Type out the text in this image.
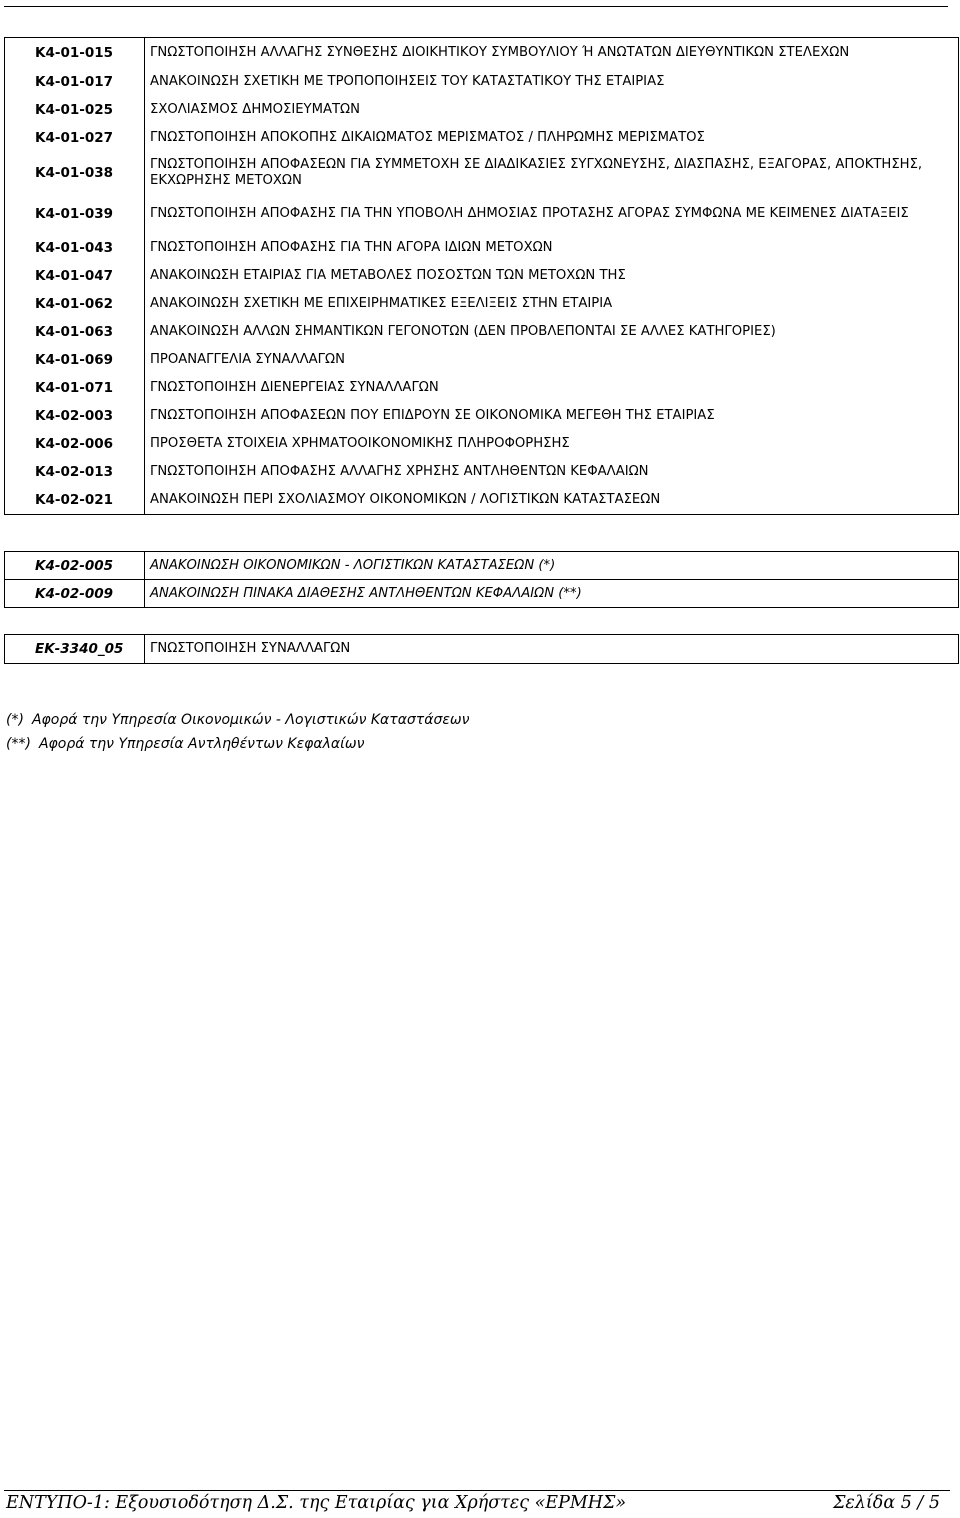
K4-01-015	ΓΝΩΣΤΟΠΟΙΗΣΗ ΑΛΛΑΓΗΣ ΣΥΝΘΕΣΗΣ ΔΙΟΙΚΗΤΙΚΟΥ ΣΥΜΒΟΥΛΙΟΥ Ή ΑΝΩΤΑΤΩΝ ΔΙΕΥΘΥΝΤΙΚΩΝ ΣΤΕΛΕΧΩΝ
K4-01-017	ΑΝΑΚΟΙΝΩΣΗ ΣΧΕΤΙΚΗ ΜΕ ΤΡΟΠΟΠΟΙΗΣΕΙΣ ΤΟΥ ΚΑΤΑΣΤΑΤΙΚΟΥ ΤΗΣ ΕΤΑΙΡΙΑΣ
K4-01-025	ΣΧΟΛΙΑΣΜΟΣ ΔΗΜΟΣΙΕΥΜΑΤΩΝ
K4-01-027	ΓΝΩΣΤΟΠΟΙΗΣΗ ΑΠΟΚΟΠΗΣ ΔΙΚΑΙΩΜΑΤΟΣ ΜΕΡΙΣΜΑΤΟΣ / ΠΛΗΡΩΜΗΣ ΜΕΡΙΣΜΑΤΟΣ
K4-01-038	ΓΝΩΣΤΟΠΟΙΗΣΗ ΑΠΟΦΑΣΕΩΝ ΓΙΑ ΣΥΜΜΕΤΟΧΗ ΣΕ ΔΙΑΔΙΚΑΣΙΕΣ ΣΥΓΧΩΝΕΥΣΗΣ, ΔΙΑΣΠΑΣΗΣ, ΕΞΑΓΟΡΑΣ, ΑΠΟΚΤΗΣΗΣ, ΕΚΧΩΡΗΣΗΣ ΜΕΤΟΧΩΝ
K4-01-039	ΓΝΩΣΤΟΠΟΙΗΣΗ ΑΠΟΦΑΣΗΣ ΓΙΑ ΤΗΝ ΥΠΟΒΟΛΗ ΔΗΜΟΣΙΑΣ ΠΡΟΤΑΣΗΣ ΑΓΟΡΑΣ ΣΥΜΦΩΝΑ ΜΕ ΚΕΙΜΕΝΕΣ ΔΙΑΤΑΞΕΙΣ
K4-01-043	ΓΝΩΣΤΟΠΟΙΗΣΗ ΑΠΟΦΑΣΗΣ ΓΙΑ ΤΗΝ ΑΓΟΡΑ ΙΔΙΩΝ ΜΕΤΟΧΩΝ
K4-01-047	ΑΝΑΚΟΙΝΩΣΗ ΕΤΑΙΡΙΑΣ ΓΙΑ ΜΕΤΑΒΟΛΕΣ ΠΟΣΟΣΤΩΝ ΤΩΝ ΜΕΤΟΧΩΝ ΤΗΣ
K4-01-062	ΑΝΑΚΟΙΝΩΣΗ ΣΧΕΤΙΚΗ ΜΕ ΕΠΙΧΕΙΡΗΜΑΤΙΚΕΣ ΕΞΕΛΙΞΕΙΣ ΣΤΗΝ ΕΤΑΙΡΙΑ
K4-01-063	ΑΝΑΚΟΙΝΩΣΗ ΑΛΛΩΝ ΣΗΜΑΝΤΙΚΩΝ ΓΕΓΟΝΟΤΩΝ (ΔΕΝ ΠΡΟΒΛΕΠΟΝΤΑΙ ΣΕ ΑΛΛΕΣ ΚΑΤΗΓΟΡΙΕΣ)
K4-01-069	ΠΡΟΑΝΑΓΓΕΛΙΑ ΣΥΝΑΛΛΑΓΩΝ
K4-01-071	ΓΝΩΣΤΟΠΟΙΗΣΗ ΔΙΕΝΕΡΓΕΙΑΣ ΣΥΝΑΛΛΑΓΩΝ
K4-02-003	ΓΝΩΣΤΟΠΟΙΗΣΗ ΑΠΟΦΑΣΕΩΝ ΠΟΥ ΕΠΙΔΡΟΥΝ ΣΕ ΟΙΚΟΝΟΜΙΚΑ ΜΕΓΕΘΗ ΤΗΣ ΕΤΑΙΡΙΑΣ
K4-02-006	ΠΡΟΣΘΕΤΑ ΣΤΟΙΧΕΙΑ ΧΡΗΜΑΤΟΟΙΚΟΝΟΜΙΚΗΣ ΠΛΗΡΟΦΟΡΗΣΗΣ
K4-02-013	ΓΝΩΣΤΟΠΟΙΗΣΗ ΑΠΟΦΑΣΗΣ ΑΛΛΑΓΗΣ ΧΡΗΣΗΣ ΑΝΤΛΗΘΕΝΤΩΝ ΚΕΦΑΛΑΙΩΝ
K4-02-021	ΑΝΑΚΟΙΝΩΣΗ ΠΕΡΙ ΣΧΟΛΙΑΣΜΟΥ ΟΙΚΟΝΟΜΙΚΩΝ / ΛΟΓΙΣΤΙΚΩΝ ΚΑΤΑΣΤΑΣΕΩΝ
K4-02-005	ΑΝΑΚΟΙΝΩΣΗ ΟΙΚΟΝΟΜΙΚΩΝ - ΛΟΓΙΣΤΙΚΩΝ ΚΑΤΑΣΤΑΣΕΩΝ (*)
K4-02-009	ΑΝΑΚΟΙΝΩΣΗ ΠΙΝΑΚΑ ΔΙΑΘΕΣΗΣ ΑΝΤΛΗΘΕΝΤΩΝ ΚΕΦΑΛΑΙΩΝ (**)
ΕΚ-3340_05	ΓΝΩΣΤΟΠΟΙΗΣΗ ΣΥΝΑΛΛΑΓΩΝ
(*) Αφορά την Υπηρεσία Οικονομικών - Λογιστικών Καταστάσεων
(**) Αφορά την Υπηρεσία Αντληθέντων Κεφαλαίων
ΕΝΤΥΠΟ-1: Εξουσιοδότηση Δ.Σ. της Εταιρίας για Χρήστες «ΕΡΜΗΣ»	Σελίδα 5 / 5
